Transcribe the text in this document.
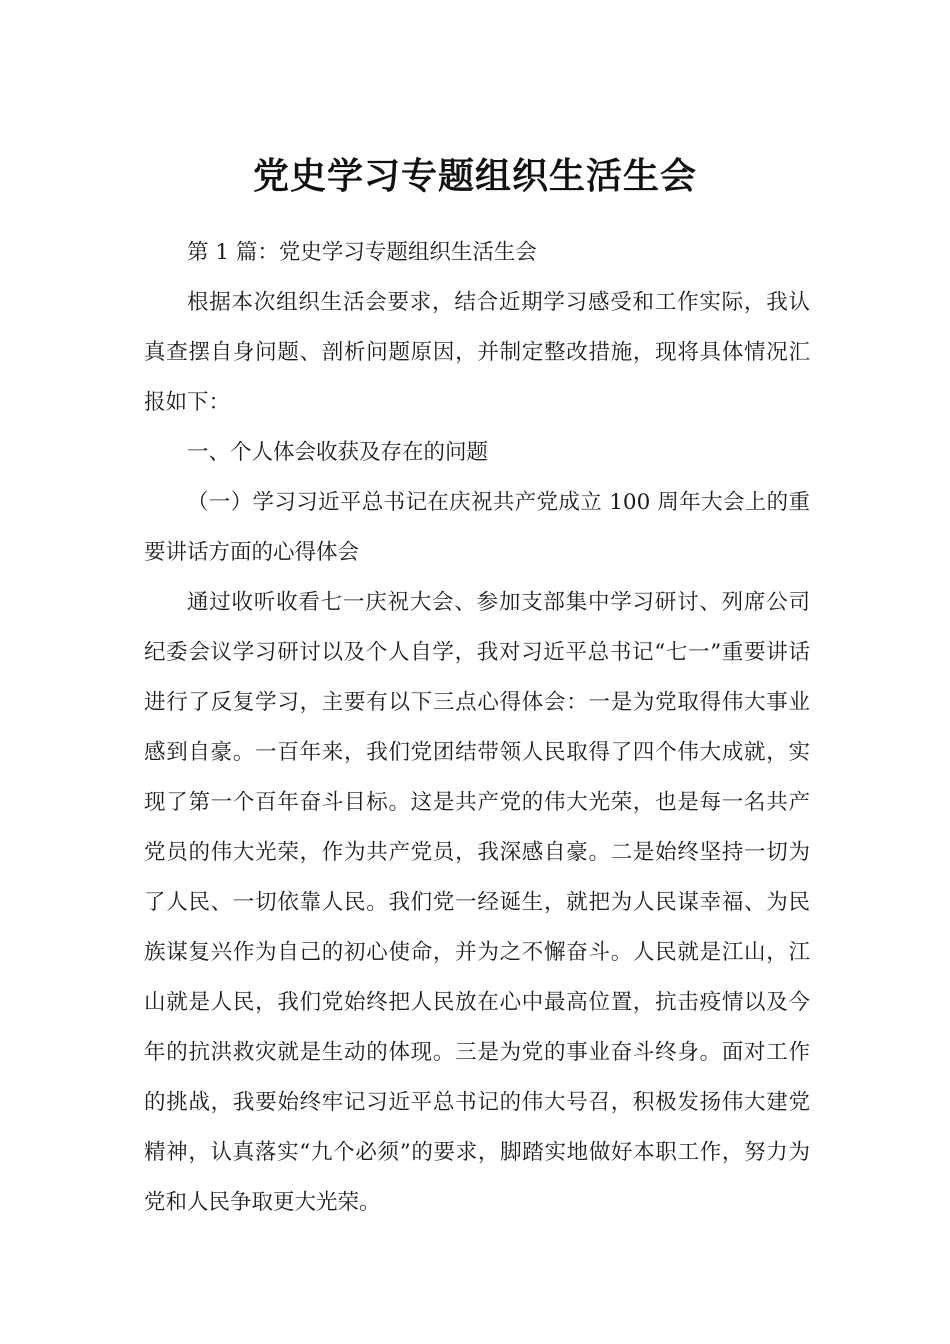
党史学习专题组织生活生会

第 1 篇：党史学习专题组织生活生会

根据本次组织生活会要求，结合近期学习感受和工作实际，我认真查摆自身问题、剖析问题原因，并制定整改措施，现将具体情况汇报如下：

一、个人体会收获及存在的问题

（一）学习习近平总书记在庆祝共产党成立 100 周年大会上的重要讲话方面的心得体会

通过收听收看七一庆祝大会、参加支部集中学习研讨、列席公司纪委会议学习研讨以及个人自学，我对习近平总书记“七一”重要讲话进行了反复学习，主要有以下三点心得体会：一是为党取得伟大事业感到自豪。一百年来，我们党团结带领人民取得了四个伟大成就，实现了第一个百年奋斗目标。这是共产党的伟大光荣，也是每一名共产党员的伟大光荣，作为共产党员，我深感自豪。二是始终坚持一切为了人民、一切依靠人民。我们党一经诞生，就把为人民谋幸福、为民族谋复兴作为自己的初心使命，并为之不懈奋斗。人民就是江山，江山就是人民，我们党始终把人民放在心中最高位置，抗击疫情以及今年的抗洪救灾就是生动的体现。三是为党的事业奋斗终身。面对工作的挑战，我要始终牢记习近平总书记的伟大号召，积极发扬伟大建党精神，认真落实“九个必须”的要求，脚踏实地做好本职工作，努力为党和人民争取更大光荣。
